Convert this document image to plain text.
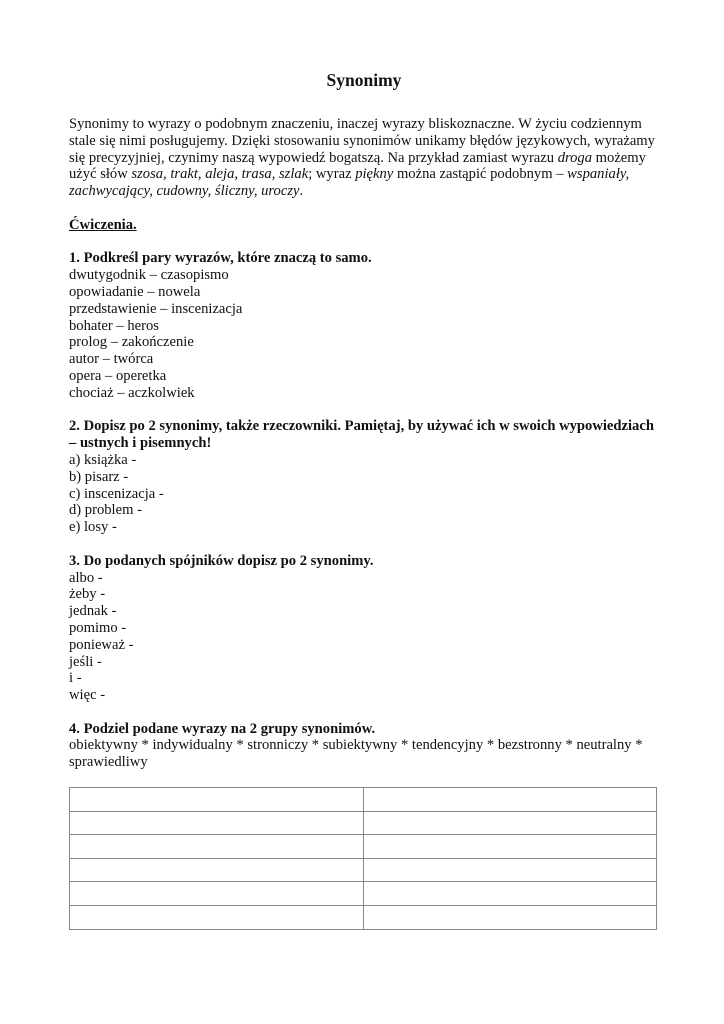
Synonimy

Synonimy to wyrazy o podobnym znaczeniu, inaczej wyrazy bliskoznaczne. W życiu codziennym stale się nimi posługujemy. Dzięki stosowaniu synonimów unikamy błędów językowych, wyrażamy się precyzyjniej, czynimy naszą wypowiedź bogatszą. Na przykład zamiast wyrazu droga możemy użyć słów szosa, trakt, aleja, trasa, szlak; wyraz piękny można zastąpić podobnym – wspaniały, zachwycający, cudowny, śliczny, uroczy.

Ćwiczenia.

1. Podkreśl pary wyrazów, które znaczą to samo.
dwutygodnik – czasopismo
opowiadanie – nowela
przedstawienie – inscenizacja
bohater – heros
prolog – zakończenie
autor – twórca
opera – operetka
chociaż – aczkolwiek
2. Dopisz po 2 synonimy, także rzeczowniki. Pamiętaj, by używać ich w swoich wypowiedziach – ustnych i pisemnych!
a) książka -
b) pisarz -
c) inscenizacja -
d) problem -
e) losy -
3. Do podanych spójników dopisz po 2 synonimy.
albo -
żeby -
jednak -
pomimo -
ponieważ -
jeśli -
i -
więc -
4. Podziel podane wyrazy na 2 grupy synonimów.
obiektywny * indywidualny * stronniczy * subiektywny * tendencyjny * bezstronny * neutralny * sprawiedliwy
